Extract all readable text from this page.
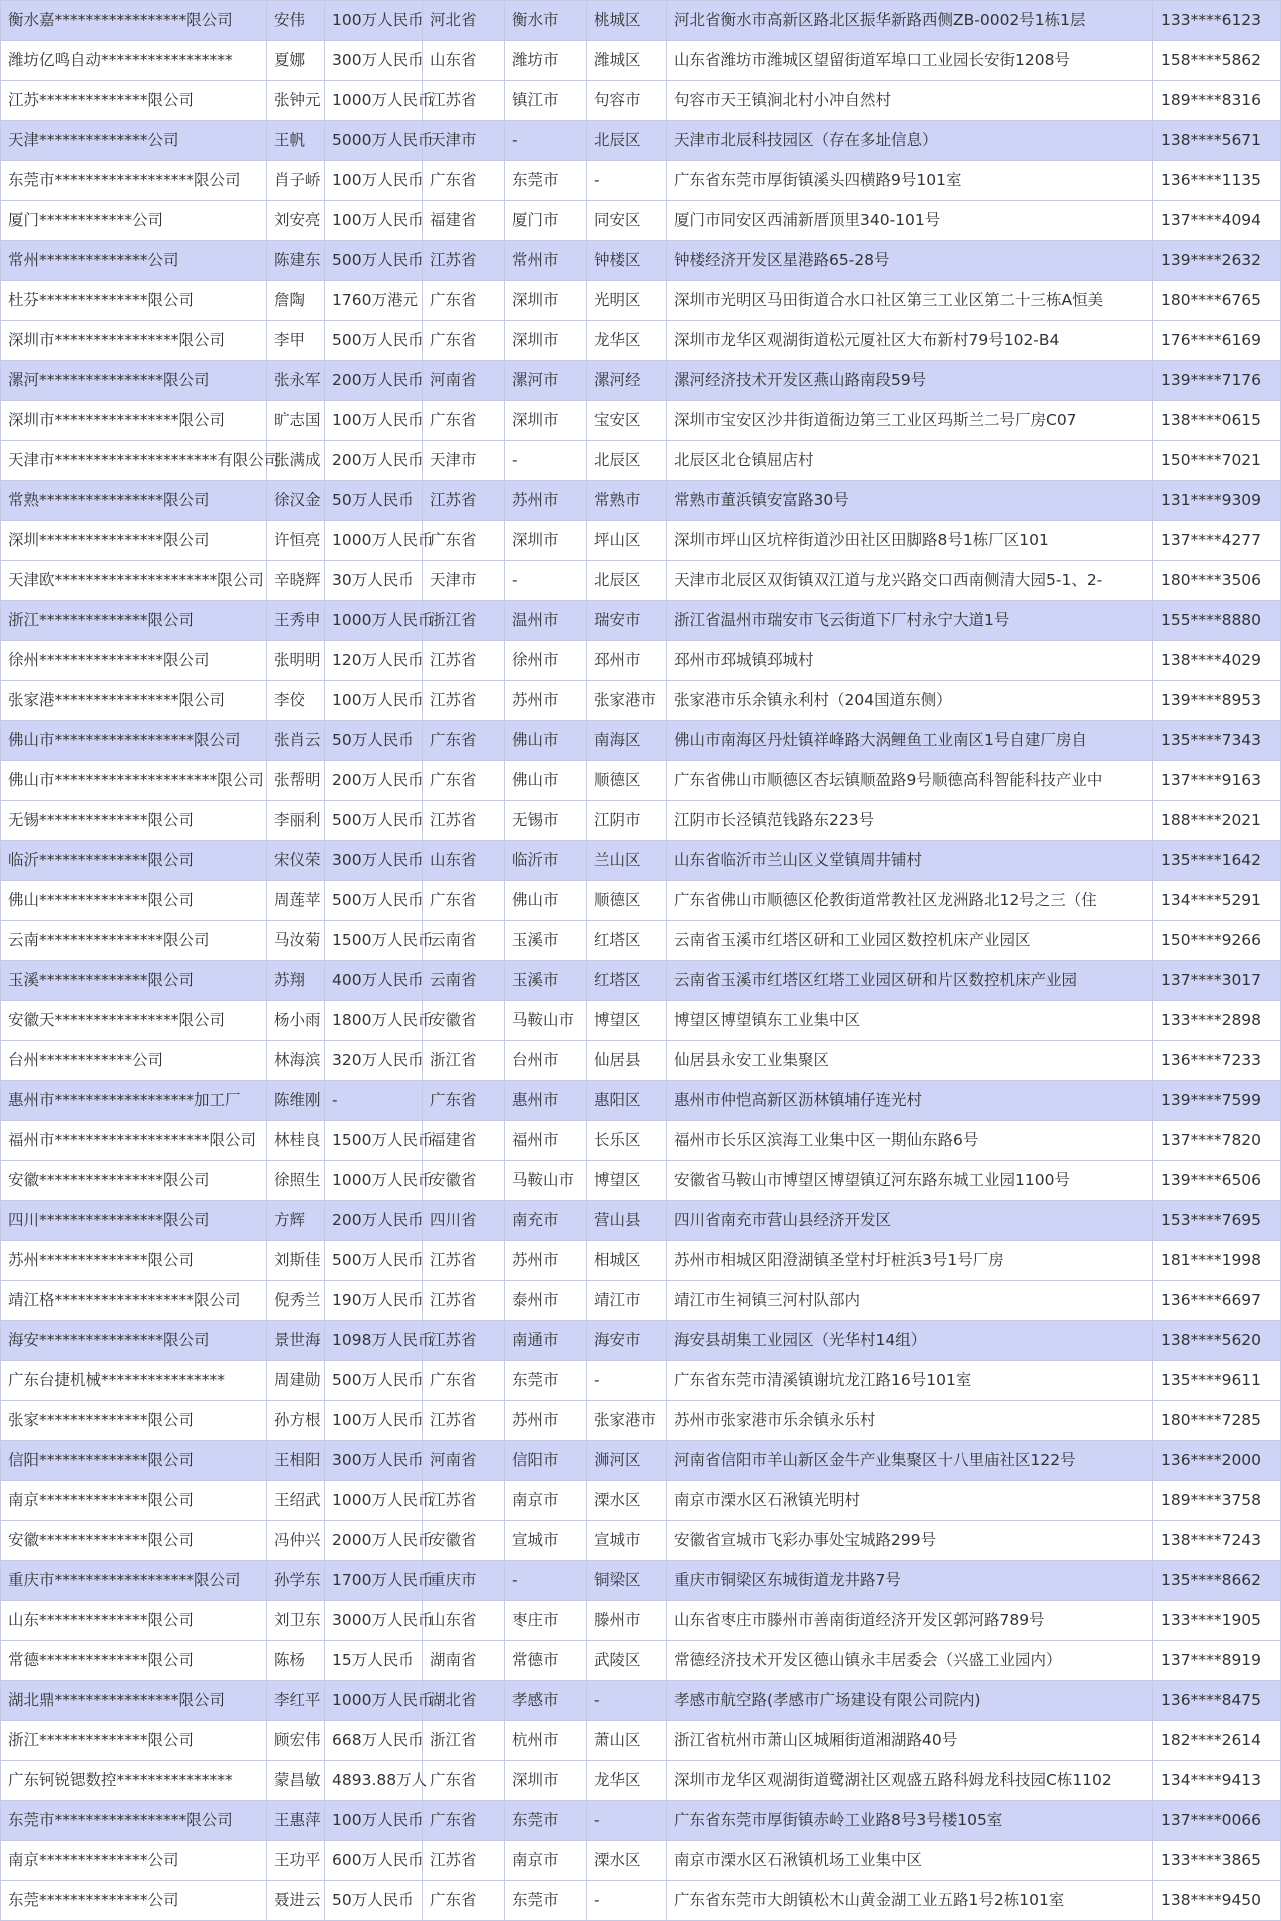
衡水嘉*****************限公司	安伟	100万人民币	河北省	衡水市	桃城区	河北省衡水市高新区路北区振华新路西侧ZB-0002号1栋1层	133****6123
潍坊亿鸣自动*****************	夏娜	300万人民币	山东省	潍坊市	潍城区	山东省潍坊市潍城区望留街道军埠口工业园长安街1208号	158****5862
江苏**************限公司	张钟元	1000万人民币	江苏省	镇江市	句容市	句容市天王镇涧北村小冲自然村	189****8316
天津**************公司	王帆	5000万人民币	天津市	-	北辰区	天津市北辰科技园区（存在多址信息）	138****5671
东莞市******************限公司	肖子峤	100万人民币	广东省	东莞市	-	广东省东莞市厚街镇溪头四横路9号101室	136****1135
厦门************公司	刘安亮	100万人民币	福建省	厦门市	同安区	厦门市同安区西浦新厝顶里340-101号	137****4094
常州**************公司	陈建东	500万人民币	江苏省	常州市	钟楼区	钟楼经济开发区星港路65-28号	139****2632
杜芬**************限公司	詹陶	1760万港元	广东省	深圳市	光明区	深圳市光明区马田街道合水口社区第三工业区第二十三栋A恒美	180****6765
深圳市****************限公司	李甲	500万人民币	广东省	深圳市	龙华区	深圳市龙华区观湖街道松元厦社区大布新村79号102-B4	176****6169
漯河****************限公司	张永军	200万人民币	河南省	漯河市	漯河经	漯河经济技术开发区燕山路南段59号	139****7176
深圳市****************限公司	旷志国	100万人民币	广东省	深圳市	宝安区	深圳市宝安区沙井街道衙边第三工业区玛斯兰二号厂房C07	138****0615
天津市*********************有限公司	张满成	200万人民币	天津市	-	北辰区	北辰区北仓镇屈店村	150****7021
常熟****************限公司	徐汉金	50万人民币	江苏省	苏州市	常熟市	常熟市董浜镇安富路30号	131****9309
深圳****************限公司	许恒亮	1000万人民币	广东省	深圳市	坪山区	深圳市坪山区坑梓街道沙田社区田脚路8号1栋厂区101	137****4277
天津欧*********************限公司	辛晓辉	30万人民币	天津市	-	北辰区	天津市北辰区双街镇双江道与龙兴路交口西南侧清大园5-1、2-	180****3506
浙江**************限公司	王秀申	1000万人民币	浙江省	温州市	瑞安市	浙江省温州市瑞安市飞云街道下厂村永宁大道1号	155****8880
徐州****************限公司	张明明	120万人民币	江苏省	徐州市	邳州市	邳州市邳城镇邳城村	138****4029
张家港****************限公司	李佼	100万人民币	江苏省	苏州市	张家港市	张家港市乐余镇永利村（204国道东侧）	139****8953
佛山市******************限公司	张肖云	50万人民币	广东省	佛山市	南海区	佛山市南海区丹灶镇祥峰路大涡鲤鱼工业南区1号自建厂房自	135****7343
佛山市*********************限公司	张帮明	200万人民币	广东省	佛山市	顺德区	广东省佛山市顺德区杏坛镇顺盈路9号顺德高科智能科技产业中	137****9163
无锡**************限公司	李丽利	500万人民币	江苏省	无锡市	江阴市	江阴市长泾镇范钱路东223号	188****2021
临沂**************限公司	宋仪荣	300万人民币	山东省	临沂市	兰山区	山东省临沂市兰山区义堂镇周井铺村	135****1642
佛山**************限公司	周莲苹	500万人民币	广东省	佛山市	顺德区	广东省佛山市顺德区伦教街道常教社区龙洲路北12号之三（住	134****5291
云南****************限公司	马汝菊	1500万人民币	云南省	玉溪市	红塔区	云南省玉溪市红塔区研和工业园区数控机床产业园区	150****9266
玉溪**************限公司	苏翔	400万人民币	云南省	玉溪市	红塔区	云南省玉溪市红塔区红塔工业园区研和片区数控机床产业园	137****3017
安徽天****************限公司	杨小雨	1800万人民币	安徽省	马鞍山市	博望区	博望区博望镇东工业集中区	133****2898
台州************公司	林海滨	320万人民币	浙江省	台州市	仙居县	仙居县永安工业集聚区	136****7233
惠州市******************加工厂	陈维刚	-	广东省	惠州市	惠阳区	惠州市仲恺高新区沥林镇埔仔连光村	139****7599
福州市********************限公司	林桂良	1500万人民币	福建省	福州市	长乐区	福州市长乐区滨海工业集中区一期仙东路6号	137****7820
安徽****************限公司	徐照生	1000万人民币	安徽省	马鞍山市	博望区	安徽省马鞍山市博望区博望镇辽河东路东城工业园1100号	139****6506
四川****************限公司	方辉	200万人民币	四川省	南充市	营山县	四川省南充市营山县经济开发区	153****7695
苏州**************限公司	刘斯佳	500万人民币	江苏省	苏州市	相城区	苏州市相城区阳澄湖镇圣堂村圩桩浜3号1号厂房	181****1998
靖江格******************限公司	倪秀兰	190万人民币	江苏省	泰州市	靖江市	靖江市生祠镇三河村队部内	136****6697
海安****************限公司	景世海	1098万人民币	江苏省	南通市	海安市	海安县胡集工业园区（光华村14组）	138****5620
广东台捷机械****************	周建勋	500万人民币	广东省	东莞市	-	广东省东莞市清溪镇谢坑龙江路16号101室	135****9611
张家**************限公司	孙方根	100万人民币	江苏省	苏州市	张家港市	苏州市张家港市乐余镇永乐村	180****7285
信阳**************限公司	王相阳	300万人民币	河南省	信阳市	浉河区	河南省信阳市羊山新区金牛产业集聚区十八里庙社区122号	136****2000
南京**************限公司	王绍武	1000万人民币	江苏省	南京市	溧水区	南京市溧水区石湫镇光明村	189****3758
安徽**************限公司	冯仲兴	2000万人民币	安徽省	宣城市	宣城市	安徽省宣城市飞彩办事处宝城路299号	138****7243
重庆市******************限公司	孙学东	1700万人民币	重庆市	-	铜梁区	重庆市铜梁区东城街道龙井路7号	135****8662
山东**************限公司	刘卫东	3000万人民币	山东省	枣庄市	滕州市	山东省枣庄市滕州市善南街道经济开发区郭河路789号	133****1905
常德**************限公司	陈杨	15万人民币	湖南省	常德市	武陵区	常德经济技术开发区德山镇永丰居委会（兴盛工业园内）	137****8919
湖北鼎****************限公司	李红平	1000万人民币	湖北省	孝感市	-	孝感市航空路(孝感市广场建设有限公司院内)	136****8475
浙江**************限公司	顾宏伟	668万人民币	浙江省	杭州市	萧山区	浙江省杭州市萧山区城厢街道湘湖路40号	182****2614
广东钶锐锶数控***************	蒙昌敏	4893.88万人	广东省	深圳市	龙华区	深圳市龙华区观湖街道鹭湖社区观盛五路科姆龙科技园C栋1102	134****9413
东莞市*****************限公司	王惠萍	100万人民币	广东省	东莞市	-	广东省东莞市厚街镇赤岭工业路8号3号楼105室	137****0066
南京**************公司	王功平	600万人民币	江苏省	南京市	溧水区	南京市溧水区石湫镇机场工业集中区	133****3865
东莞**************公司	聂进云	50万人民币	广东省	东莞市	-	广东省东莞市大朗镇松木山黄金湖工业五路1号2栋101室	138****9450
